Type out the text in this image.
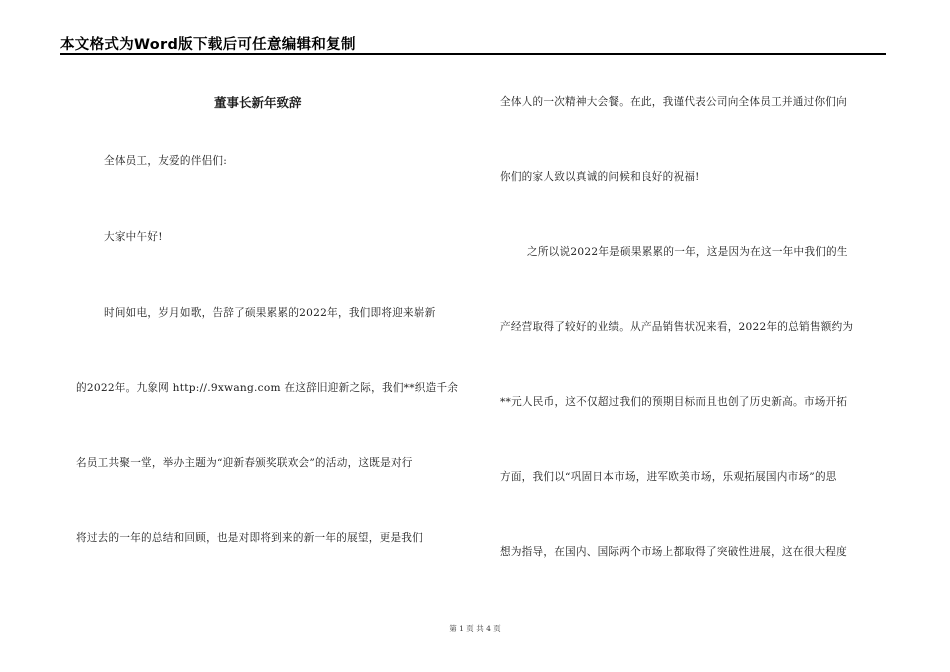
本文格式为Word版下载后可任意编辑和复制
董事长新年致辞
全体员工，友爱的伴侣们:
大家中午好!
时间如电，岁月如歌，告辞了硕果累累的2022年，我们即将迎来崭新
的2022年。九象网 http://.9xwang.com 在这辞旧迎新之际，我们**织造千余
名员工共聚一堂，举办主题为“迎新春颁奖联欢会”的活动，这既是对行
将过去的一年的总结和回顾，也是对即将到来的新一年的展望，更是我们
全体人的一次精神大会餐。在此，我谨代表公司向全体员工并通过你们向
你们的家人致以真诚的问候和良好的祝福!
之所以说2022年是硕果累累的一年，这是因为在这一年中我们的生
产经营取得了较好的业绩。从产品销售状况来看，2022年的总销售额约为
**元人民币，这不仅超过我们的预期目标而且也创了历史新高。市场开拓
方面，我们以“巩固日本市场，进军欧美市场，乐观拓展国内市场”的思
想为指导，在国内、国际两个市场上都取得了突破性进展，这在很大程度
第 1 页 共 4 页
